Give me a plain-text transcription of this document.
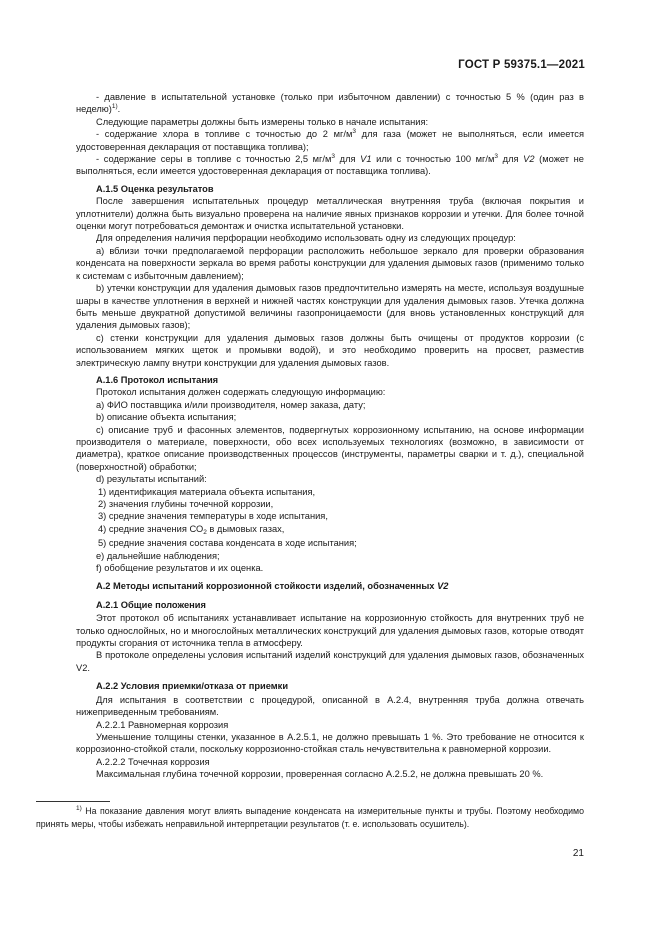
ГОСТ Р 59375.1—2021

- давление в испытательной установке (только при избыточном давлении) с точностью 5 % (один раз в неделю)$^{1)}$.

Следующие параметры должны быть измерены только в начале испытания:

- содержание хлора в топливе с точностью до 2 $мг/м^3$ для газа (может не выполняться, если имеется удостоверенная декларация от поставщика топлива);

- содержание серы в топливе с точностью 2,5 $мг/м^3$ для V1 или с точностью 100 $мг/м^3$ для V2 (может не выполняться, если имеется удостоверенная декларация от поставщика топлива).

А.1.5 Оценка результатов

После завершения испытательных процедур металлическая внутренняя труба (включая покрытия и уплотнители) должна быть визуально проверена на наличие явных признаков коррозии и утечки. Для более точной оценки могут потребоваться демонтаж и очистка испытательной установки.

Для определения наличия перфорации необходимо использовать одну из следующих процедур:

а) вблизи точки предполагаемой перфорации расположить небольшое зеркало для проверки образования конденсата на поверхности зеркала во время работы конструкции для удаления дымовых газов (применимо только к системам с избыточным давлением);

b) утечки конструкции для удаления дымовых газов предпочтительно измерять на месте, используя воздушные шары в качестве уплотнения в верхней и нижней частях конструкции для удаления дымовых газов. Утечка должна быть меньше двукратной допустимой величины газопроницаемости (для вновь установленных конструкций для удаления дымовых газов);

с) стенки конструкции для удаления дымовых газов должны быть очищены от продуктов коррозии (с использованием мягких щеток и промывки водой), и это необходимо проверить на просвет, разместив электрическую лампу внутри конструкции для удаления дымовых газов.

А.1.6 Протокол испытания

Протокол испытания должен содержать следующую информацию:

а) ФИО поставщика и/или производителя, номер заказа, дату;

b) описание объекта испытания;

с) описание труб и фасонных элементов, подвергнутых коррозионному испытанию, на основе информации производителя о материале, поверхности, обо всех используемых технологиях (возможно, в зависимости от диаметра), краткое описание производственных процессов (инструменты, параметры сварки и т. д.), специальной (поверхностной) обработки;

d) результаты испытаний:

1) идентификация материала объекта испытания,

2) значения глубины точечной коррозии,

3) средние значения температуры в ходе испытания,

4) средние значения $СО_2$ в дымовых газах,

5) средние значения состава конденсата в ходе испытания;

е) дальнейшие наблюдения;

f) обобщение результатов и их оценка.

А.2 Методы испытаний коррозионной стойкости изделий, обозначенных V2

А.2.1 Общие положения

Этот протокол об испытаниях устанавливает испытание на коррозионную стойкость для внутренних труб не только однослойных, но и многослойных металлических конструкций для удаления дымовых газов, которые отводят продукты сгорания от источника тепла в атмосферу.

В протоколе определены условия испытаний изделий конструкций для удаления дымовых газов, обозначенных V2.

А.2.2 Условия приемки/отказа от приемки

Для испытания в соответствии с процедурой, описанной в А.2.4, внутренняя труба должна отвечать нижеприведенным требованиям.

А.2.2.1 Равномерная коррозия

Уменьшение толщины стенки, указанное в А.2.5.1, не должно превышать 1 %. Это требование не относится к коррозионно-стойкой стали, поскольку коррозионно-стойкая сталь нечувствительна к равномерной коррозии.

А.2.2.2 Точечная коррозия

Максимальная глубина точечной коррозии, проверенная согласно А.2.5.2, не должна превышать 20 %.

$^{1)}$ На показание давления могут влиять выпадение конденсата на измерительные пункты и трубы. Поэтому необходимо принять меры, чтобы избежать неправильной интерпретации результатов (т. е. использовать осушитель).

21
